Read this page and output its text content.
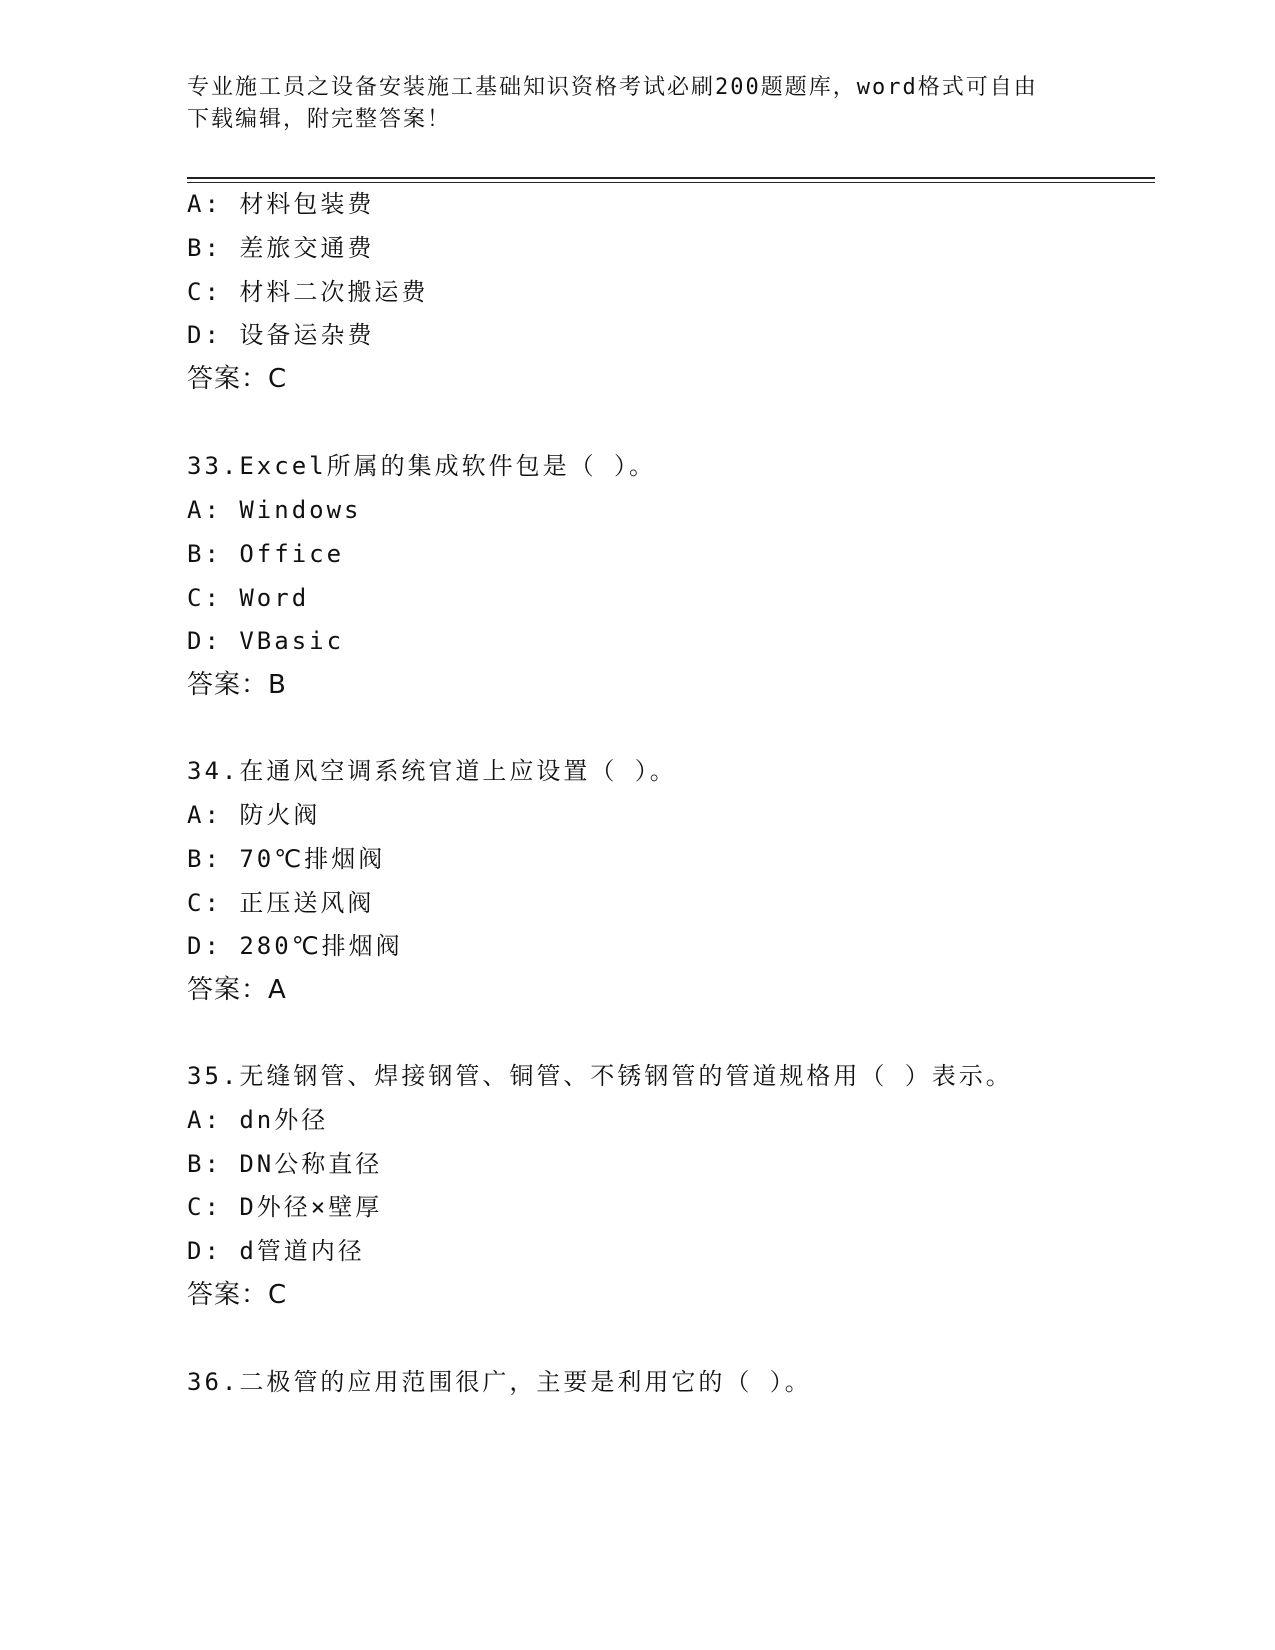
专业施工员之设备安装施工基础知识资格考试必刷200题题库，word格式可自由
下载编辑，附完整答案！
A: 材料包装费
B: 差旅交通费
C: 材料二次搬运费
D: 设备运杂费
答案：C
33.Excel所属的集成软件包是（ ）。
A: Windows
B: Office
C: Word
D: VBasic
答案：B
34.在通风空调系统官道上应设置（ ）。
A: 防火阀
B: 70℃排烟阀
C: 正压送风阀
D: 280℃排烟阀
答案：A
35.无缝钢管、焊接钢管、铜管、不锈钢管的管道规格用（ ）表示。
A: dn外径
B: DN公称直径
C: D外径×壁厚
D: d管道内径
答案：C
36.二极管的应用范围很广，主要是利用它的（ ）。
